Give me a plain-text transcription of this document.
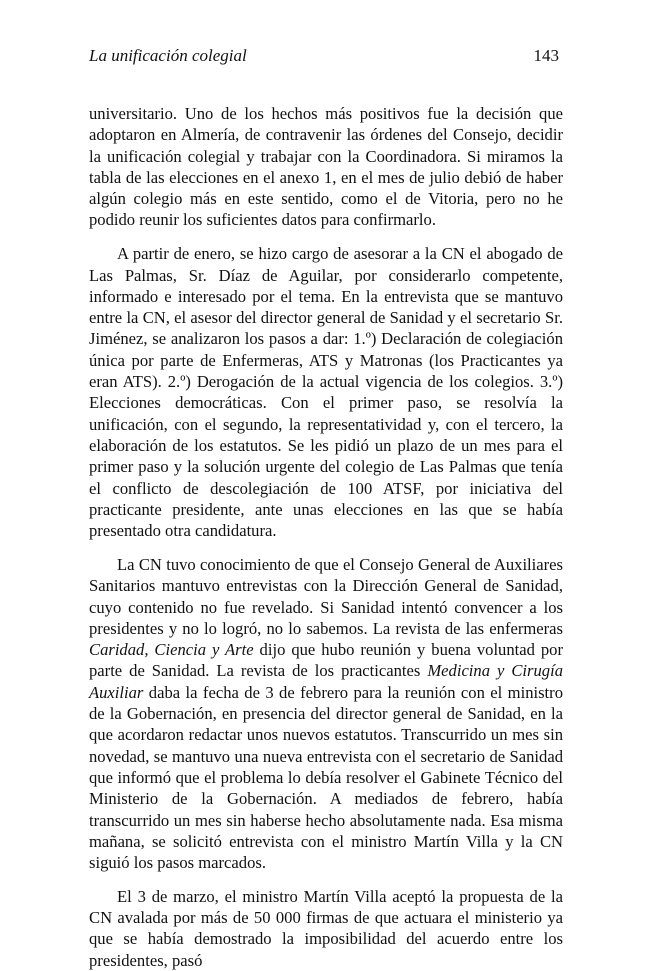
La unificación colegial	143

universitario. Uno de los hechos más positivos fue la decisión que adoptaron en Almería, de contravenir las órdenes del Consejo, decidir la unificación colegial y trabajar con la Coordinadora. Si miramos la tabla de las elecciones en el anexo 1, en el mes de julio debió de haber algún colegio más en este sentido, como el de Vitoria, pero no he podido reunir los suficientes datos para confirmarlo.

A partir de enero, se hizo cargo de asesorar a la CN el abogado de Las Palmas, Sr. Díaz de Aguilar, por considerarlo competente, informado e interesado por el tema. En la entrevista que se mantuvo entre la CN, el asesor del director general de Sanidad y el secretario Sr. Jiménez, se analizaron los pasos a dar: 1.º) Declaración de colegiación única por parte de Enfermeras, ATS y Matronas (los Practicantes ya eran ATS). 2.º) Derogación de la actual vigencia de los colegios. 3.º) Elecciones democráticas. Con el primer paso, se resolvía la unificación, con el segundo, la representatividad y, con el tercero, la elaboración de los estatutos. Se les pidió un plazo de un mes para el primer paso y la solución urgente del colegio de Las Palmas que tenía el conflicto de descolegiación de 100 ATSF, por iniciativa del practicante presidente, ante unas elecciones en las que se había presentado otra candidatura.

La CN tuvo conocimiento de que el Consejo General de Auxiliares Sanitarios mantuvo entrevistas con la Dirección General de Sanidad, cuyo contenido no fue revelado. Si Sanidad intentó convencer a los presidentes y no lo logró, no lo sabemos. La revista de las enfermeras Caridad, Ciencia y Arte dijo que hubo reunión y buena voluntad por parte de Sanidad. La revista de los practicantes Medicina y Cirugía Auxiliar daba la fecha de 3 de febrero para la reunión con el ministro de la Gobernación, en presencia del director general de Sanidad, en la que acordaron redactar unos nuevos estatutos. Transcurrido un mes sin novedad, se mantuvo una nueva entrevista con el secretario de Sanidad que informó que el problema lo debía resolver el Gabinete Técnico del Ministerio de la Gobernación. A mediados de febrero, había transcurrido un mes sin haberse hecho absolutamente nada. Esa misma mañana, se solicitó entrevista con el ministro Martín Villa y la CN siguió los pasos marcados.

El 3 de marzo, el ministro Martín Villa aceptó la propuesta de la CN avalada por más de 50 000 firmas de que actuara el ministerio ya que se había demostrado la imposibilidad del acuerdo entre los presidentes, pasó
